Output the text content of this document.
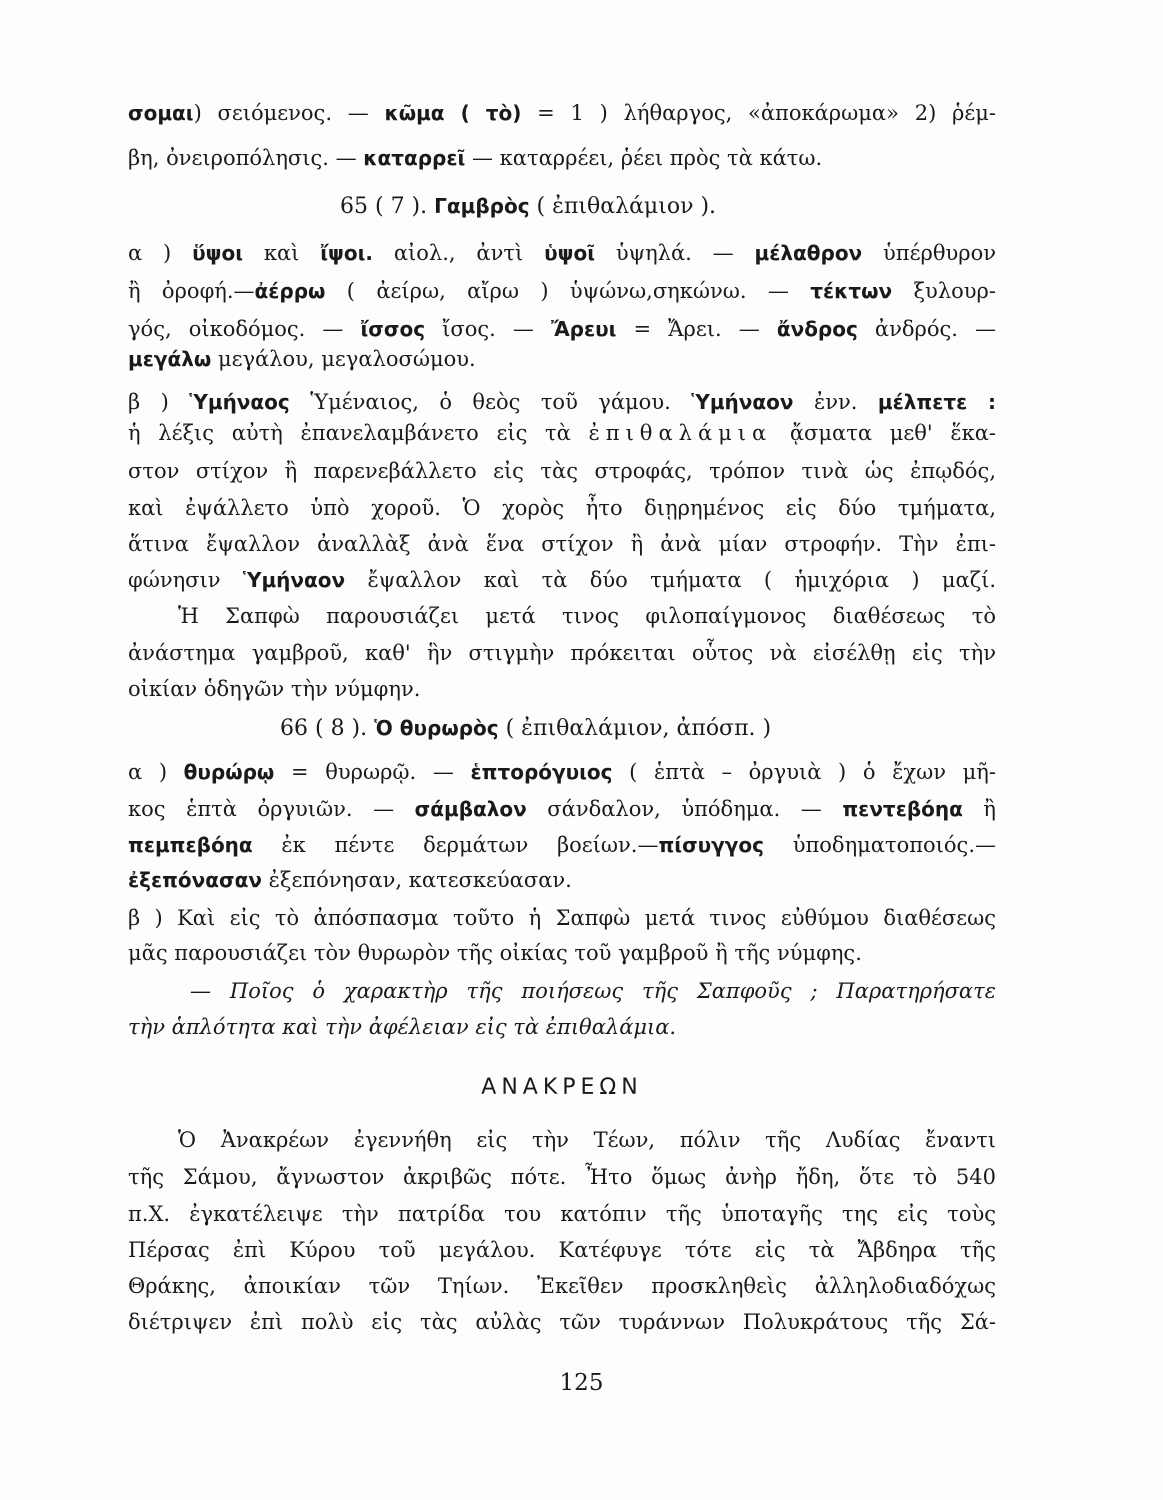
σομαι) σειόμενος. — κῶμα ( τὸ) = 1 ) λήθαργος, «ἀποκάρωμα» 2) ῥέμ-
βη, ὀνειροπόλησις. — καταρρεῖ — καταρρέει, ῥέει πρὸς τὰ κάτω.
65 ( 7 ). Γαμβρὸς ( ἐπιθαλάμιον ).
α ) ὕψοι καὶ ἴψοι. αἰολ., ἀντὶ ὑψοῖ ὑψηλά. — μέλαθρον ὑπέρθυρον
ἢ ὀροφή.—ἀέρρω ( ἀείρω, αἴρω ) ὑψώνω,σηκώνω. — τέκτων ξυλουρ-
γός, οἰκοδόμος. — ἴσσος ἴσος. — Ἄρευι = Ἄρει. — ἄνδρος ἀνδρός. —
μεγάλω μεγάλου, μεγαλοσώμου.
β ) Ὑμήναος Ὑμέναιος, ὁ θεὸς τοῦ γάμου. Ὑμήναον ἐνν. μέλπετε :
ἡ λέξις αὐτὴ ἐπανελαμβάνετο εἰς τὰ ἐπιθαλάμια ᾄσματα μεθ' ἕκα-
στον στίχον ἢ παρενεβάλλετο εἰς τὰς στροφάς, τρόπον τινὰ ὡς ἐπῳδός,
καὶ ἐψάλλετο ὑπὸ χοροῦ. Ὁ χορὸς ἦτο διῃρημένος εἰς δύο τμήματα,
ἅτινα ἔψαλλον ἀναλλὰξ ἀνὰ ἕνα στίχον ἢ ἀνὰ μίαν στροφήν. Τὴν ἐπι-
φώνησιν Ὑμήναον ἔψαλλον καὶ τὰ δύο τμήματα ( ἡμιχόρια ) μαζί.
Ἡ Σαπφὼ παρουσιάζει μετά τινος φιλοπαίγμονος διαθέσεως τὸ
ἀνάστημα γαμβροῦ, καθ' ἣν στιγμὴν πρόκειται οὗτος νὰ εἰσέλθῃ εἰς τὴν
οἰκίαν ὁδηγῶν τὴν νύμφην.
66 ( 8 ). Ὁ θυρωρὸς ( ἐπιθαλάμιον, ἀπόσπ. )
α ) θυρώρῳ = θυρωρῷ. — ἑπτορόγυιος ( ἑπτὰ – ὀργυιὰ ) ὁ ἔχων μῆ-
κος ἑπτὰ ὀργυιῶν. — σάμβαλον σάνδαλον, ὑπόδημα. — πεντεβόηα ἢ
πεμπεβόηα ἐκ πέντε δερμάτων βοείων.—πίσυγγος ὑποδηματοποιός.—
ἐξεπόνασαν ἐξεπόνησαν, κατεσκεύασαν.
β ) Καὶ εἰς τὸ ἀπόσπασμα τοῦτο ἡ Σαπφὼ μετά τινος εὐθύμου διαθέσεως
μᾶς παρουσιάζει τὸν θυρωρὸν τῆς οἰκίας τοῦ γαμβροῦ ἢ τῆς νύμφης.
— Ποῖος ὁ χαρακτὴρ τῆς ποιήσεως τῆς Σαπφοῦς ; Παρατηρήσατε
τὴν ἁπλότητα καὶ τὴν ἀφέλειαν εἰς τὰ ἐπιθαλάμια.
ΑΝΑΚΡΕΩΝ
Ὁ Ἀνακρέων ἐγεννήθη εἰς τὴν Τέων, πόλιν τῆς Λυδίας ἔναντι
τῆς Σάμου, ἄγνωστον ἀκριβῶς πότε. Ἦτο ὅμως ἀνὴρ ἤδη, ὅτε τὸ 540
π.Χ. ἐγκατέλειψε τὴν πατρίδα του κατόπιν τῆς ὑποταγῆς της εἰς τοὺς
Πέρσας ἐπὶ Κύρου τοῦ μεγάλου. Κατέφυγε τότε εἰς τὰ Ἄβδηρα τῆς
Θράκης, ἀποικίαν τῶν Τηίων. Ἐκεῖθεν προσκληθεὶς ἀλληλοδιαδόχως
διέτριψεν ἐπὶ πολὺ εἰς τὰς αὐλὰς τῶν τυράννων Πολυκράτους τῆς Σά-
125
